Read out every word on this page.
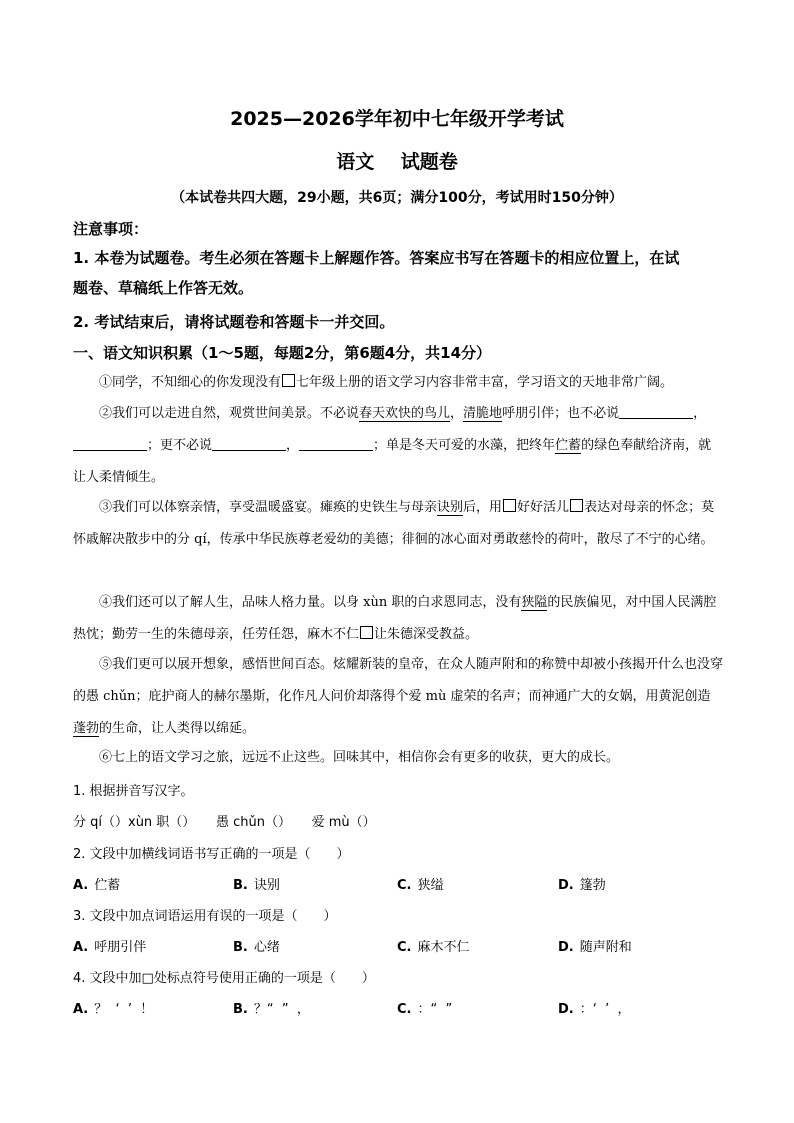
2025—2026学年初中七年级开学考试
语文    试题卷
（本试卷共四大题，29小题，共6页；满分100分，考试用时150分钟）
注意事项：
1. 本卷为试题卷。考生必须在答题卡上解题作答。答案应书写在答题卡的相应位置上，在试
题卷、草稿纸上作答无效。
2. 考试结束后，请将试题卷和答题卡一并交回。
一、语文知识积累（1～5题，每题2分，第6题4分，共14分）
①同学，不知细心的你发现没有 七年级上册的语文学习内容非常丰富，学习语文的天地非常广阔。
②我们可以走进自然，观赏世间美景。不必说春天欢快的鸟儿，清脆地呼朋引伴；也不必说	，；更不必说	，	；单是冬天可爱的水藻，把终年伫蓄的绿色奉献给济南，就让人柔情倾生。
③我们可以体察亲情，享受温暖盛宴。瘫痪的史铁生与母亲诀别后，用 好好活儿 表达对母亲的怀念；莫怀戚解决散步中的分 qí，传承中华民族尊老爱幼的美德；徘徊的冰心面对勇敢慈怜的荷叶，散尽了不宁的心绪。
④我们还可以了解人生，品味人格力量。以身 xùn 职的白求恩同志，没有狭隘的民族偏见，对中国人民满腔热忱；勤劳一生的朱德母亲，任劳任怨，麻木不仁 让朱德深受教益。
⑤我们更可以展开想象，感悟世间百态。炫耀新装的皇帝，在众人随声附和的称赞中却被小孩揭开什么也没穿的愚 chǔn；庇护商人的赫尔墨斯，化作凡人问价却落得个爱 mù 虚荣的名声；而神通广大的女娲，用黄泥创造蓬勃的生命，让人类得以绵延。
⑥七上的语文学习之旅，远远不止这些。回味其中，相信你会有更多的收获，更大的成长。
1. 根据拼音写汉字。
分 qí（）xùn 职（）     愚 chǔn（）     爱 mù（）
2. 文段中加横线词语书写正确的一项是（　　）
A. 伫蓄	B. 诀别	C. 狭缢	D. 篷勃
3. 文段中加点词语运用有误的一项是（　　）
A. 呼朋引伴	B. 心绪	C. 麻木不仁	D. 随声附和
4. 文段中加□处标点符号使用正确的一项是（　　）
A. ？  ‘  ’  ！	B. ？“  ”  ，	C. ：“  ”	D. ：‘  ’  ，
